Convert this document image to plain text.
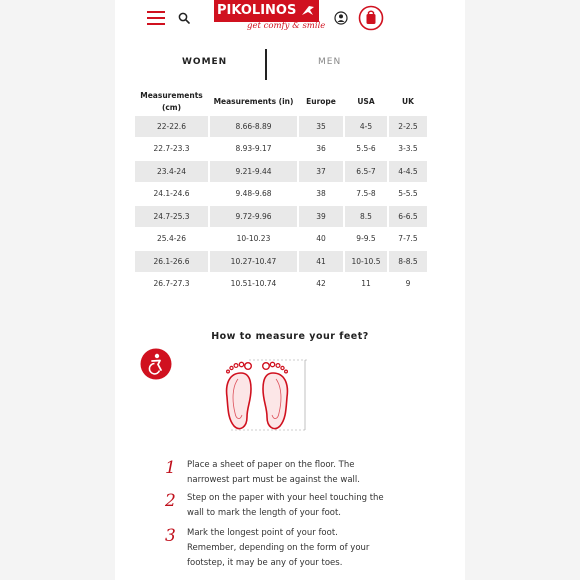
PIKOLINOS
get comfy & smile
WOMEN	MEN
Measurements (cm)	Measurements (in)	Europe	USA	UK
22-22.6	8.66-8.89	35	4-5	2-2.5
22.7-23.3	8.93-9.17	36	5.5-6	3-3.5
23.4-24	9.21-9.44	37	6.5-7	4-4.5
24.1-24.6	9.48-9.68	38	7.5-8	5-5.5
24.7-25.3	9.72-9.96	39	8.5	6-6.5
25.4-26	10-10.23	40	9-9.5	7-7.5
26.1-26.6	10.27-10.47	41	10-10.5	8-8.5
26.7-27.3	10.51-10.74	42	11	9
How to measure your feet?
1 Place a sheet of paper on the floor. The narrowest part must be against the wall.
2 Step on the paper with your heel touching the wall to mark the length of your foot.
3 Mark the longest point of your foot. Remember, depending on the form of your footstep, it may be any of your toes.
